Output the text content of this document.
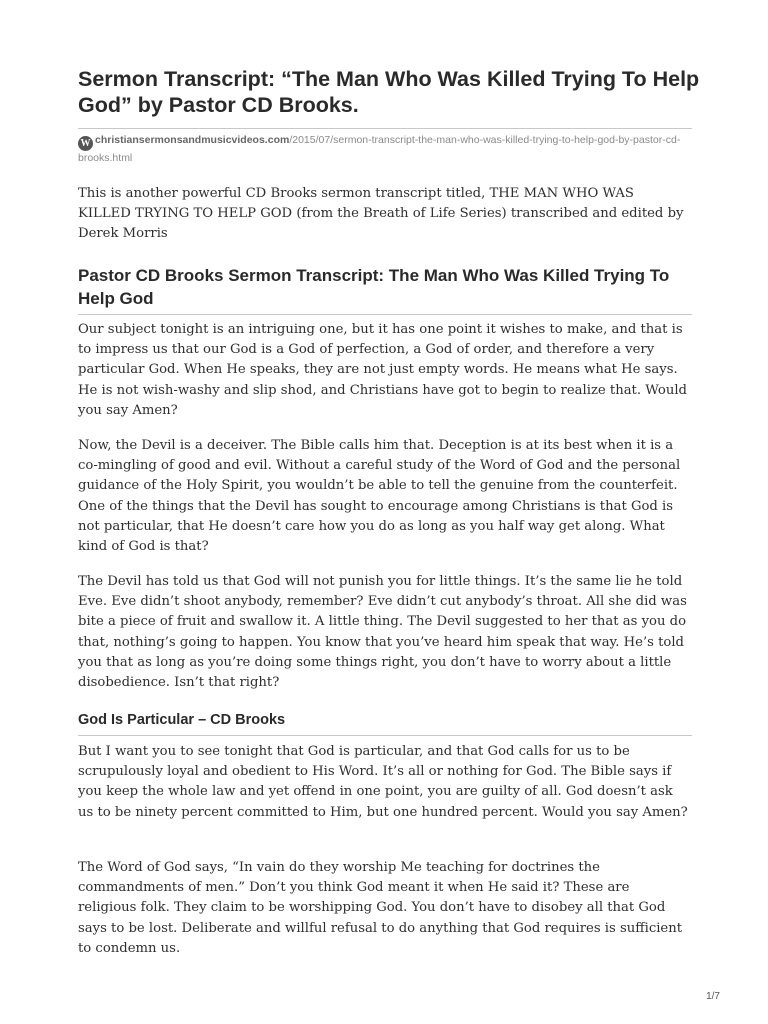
Sermon Transcript: “The Man Who Was Killed Trying To Help God” by Pastor CD Brooks.
W christiansermonsandmusicvideos.com/2015/07/sermon-transcript-the-man-who-was-killed-trying-to-help-god-by-pastor-cd-brooks.html

This is another powerful CD Brooks sermon transcript titled, THE MAN WHO WAS KILLED TRYING TO HELP GOD (from the Breath of Life Series) transcribed and edited by Derek Morris

Pastor CD Brooks Sermon Transcript: The Man Who Was Killed Trying To Help God

Our subject tonight is an intriguing one, but it has one point it wishes to make, and that is to impress us that our God is a God of perfection, a God of order, and therefore a very particular God. When He speaks, they are not just empty words. He means what He says. He is not wish-washy and slip shod, and Christians have got to begin to realize that. Would you say Amen?

Now, the Devil is a deceiver. The Bible calls him that. Deception is at its best when it is a co-mingling of good and evil. Without a careful study of the Word of God and the personal guidance of the Holy Spirit, you wouldn’t be able to tell the genuine from the counterfeit. One of the things that the Devil has sought to encourage among Christians is that God is not particular, that He doesn’t care how you do as long as you half way get along. What kind of God is that?

The Devil has told us that God will not punish you for little things. It’s the same lie he told Eve. Eve didn’t shoot anybody, remember? Eve didn’t cut anybody’s throat. All she did was bite a piece of fruit and swallow it. A little thing. The Devil suggested to her that as you do that, nothing’s going to happen. You know that you’ve heard him speak that way. He’s told you that as long as you’re doing some things right, you don’t have to worry about a little disobedience. Isn’t that right?

God Is Particular – CD Brooks

But I want you to see tonight that God is particular, and that God calls for us to be scrupulously loyal and obedient to His Word. It’s all or nothing for God. The Bible says if you keep the whole law and yet offend in one point, you are guilty of all. God doesn’t ask us to be ninety percent committed to Him, but one hundred percent. Would you say Amen?

The Word of God says, “In vain do they worship Me teaching for doctrines the commandments of men.” Don’t you think God meant it when He said it? These are religious folk. They claim to be worshipping God. You don’t have to disobey all that God says to be lost. Deliberate and willful refusal to do anything that God requires is sufficient to condemn us.

1/7
